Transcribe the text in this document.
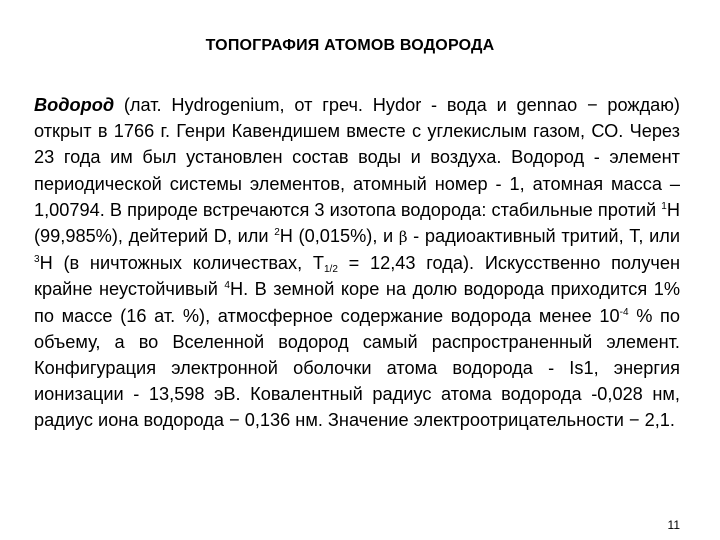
ТОПОГРАФИЯ АТОМОВ ВОДОРОДА
Водород (лат. Hydrogenium, от греч. Hydor - вода и gennao − рождаю) открыт в 1766 г. Генри Кавендишем вместе с углекислым газом, СО. Через 23 года им был установлен состав воды и воздуха. Водород - элемент периодической системы элементов, атомный номер - 1, атомная масса – 1,00794. В природе встречаются 3 изотопа водорода: стабильные протий $^1$H (99,985%), дейтерий D, или $^2$H (0,015%), и β - радиоактивный тритий, T, или $^3$H (в ничтожных количествах, $T_{1/2} = 12,43$ года). Искусственно получен крайне неустойчивый $^4$H. В земной коре на долю водорода приходится 1% по массе (16 ат. %), атмосферное содержание водорода менее $10^{-4}$ % по объему, а во Вселенной водород самый распространенный элемент. Конфигурация электронной оболочки атома водорода - Is1, энергия ионизации - 13,598 эВ. Ковалентный радиус атома водорода -0,028 нм, радиус иона водорода − 0,136 нм. Значение электроотрицательности − 2,1.
11
